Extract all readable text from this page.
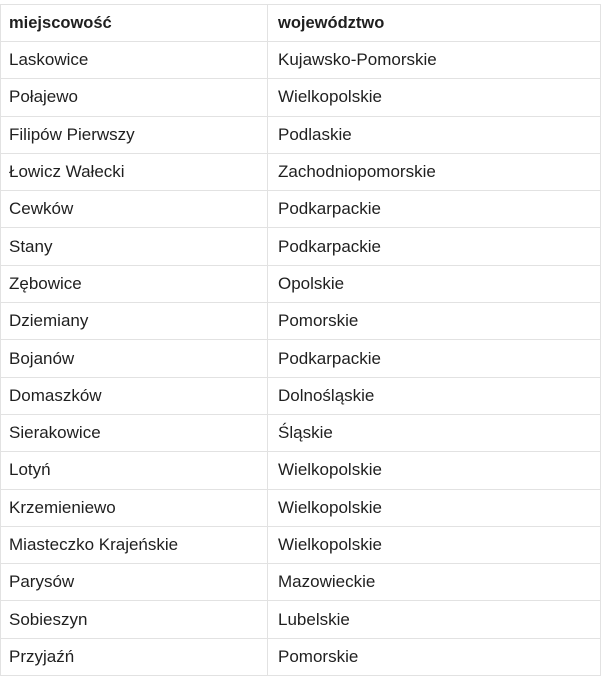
miejscowość	województwo
Laskowice	Kujawsko-Pomorskie
Połajewo	Wielkopolskie
Filipów Pierwszy	Podlaskie
Łowicz Wałecki	Zachodniopomorskie
Cewków	Podkarpackie
Stany	Podkarpackie
Zębowice	Opolskie
Dziemiany	Pomorskie
Bojanów	Podkarpackie
Domaszków	Dolnośląskie
Sierakowice	Śląskie
Lotyń	Wielkopolskie
Krzemieniewo	Wielkopolskie
Miasteczko Krajeńskie	Wielkopolskie
Parysów	Mazowieckie
Sobieszyn	Lubelskie
Przyjaźń	Pomorskie
